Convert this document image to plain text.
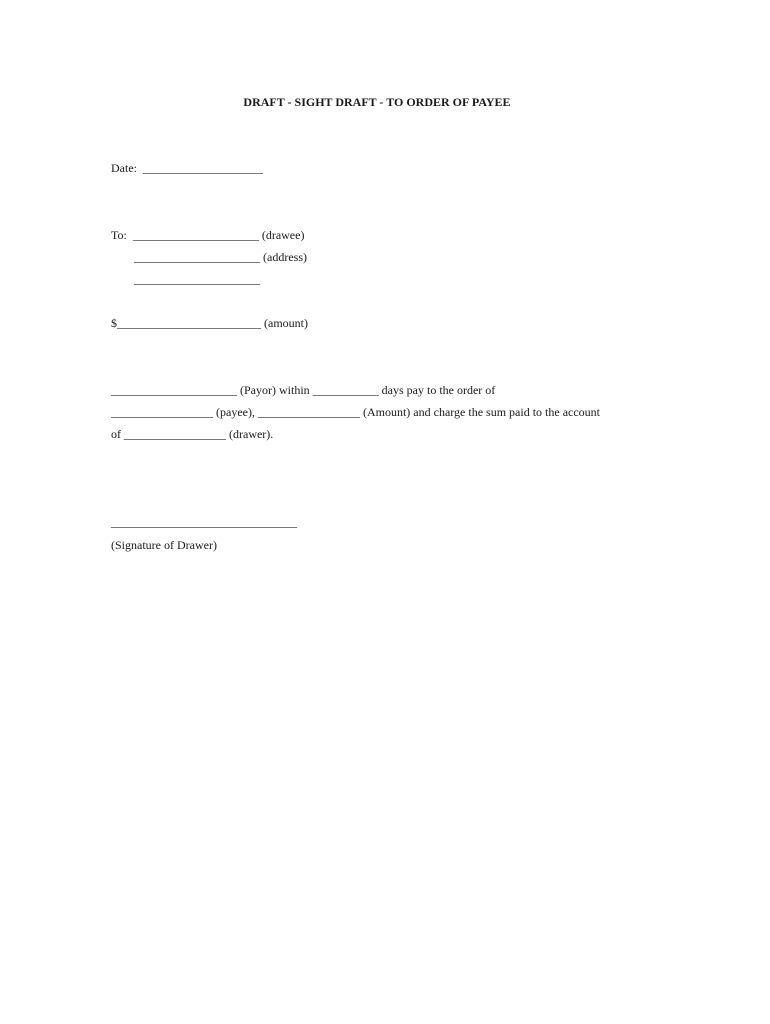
DRAFT - SIGHT DRAFT - TO ORDER OF PAYEE
Date:  ____________________
To:  _____________________ (drawee)
_____________________ (address)
_____________________
$________________________ (amount)
_____________________ (Payor) within ___________ days pay to the order of
_________________ (payee), _________________ (Amount) and charge the sum paid to the account
of _________________ (drawer).
_______________________________
(Signature of Drawer)
